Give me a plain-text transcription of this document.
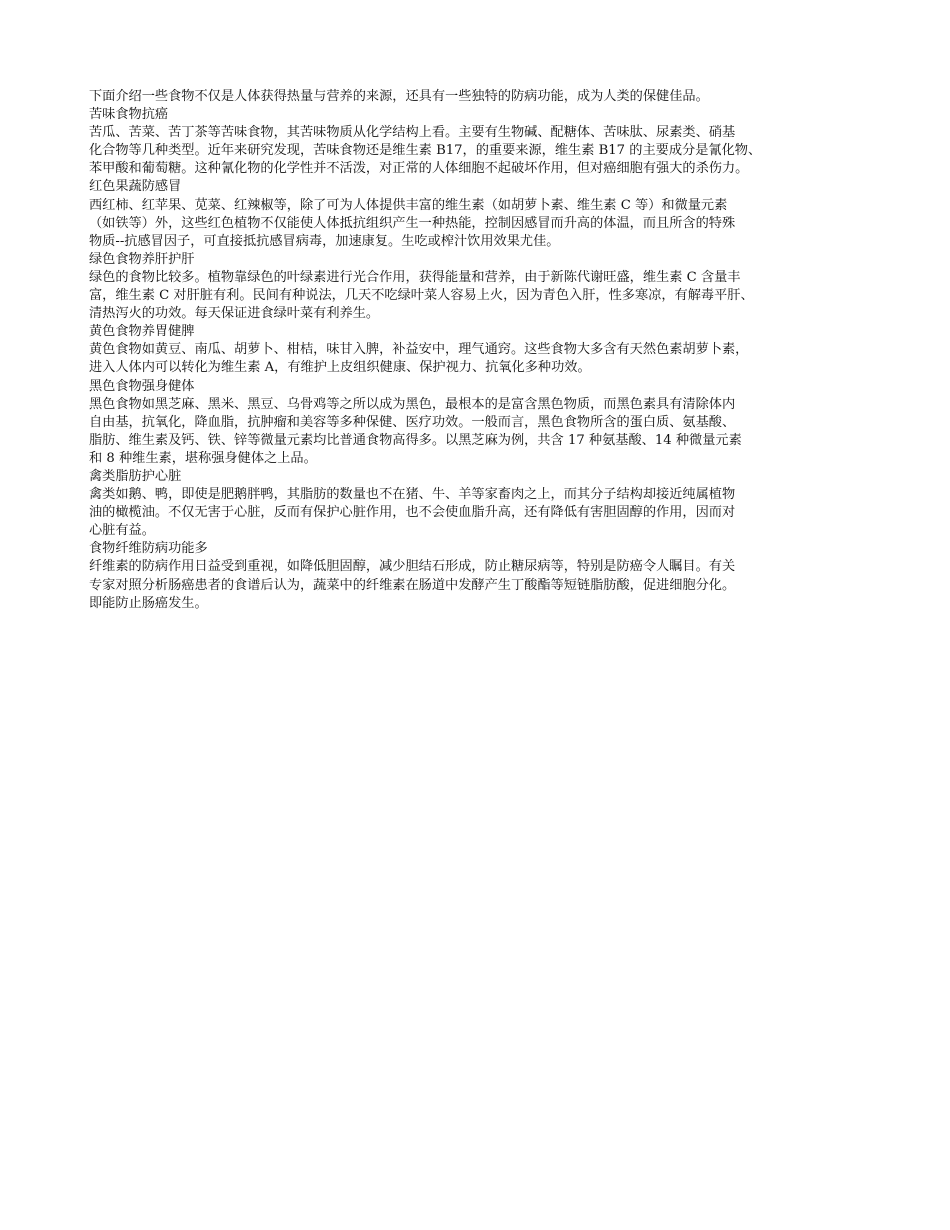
下面介绍一些食物不仅是人体获得热量与营养的来源，还具有一些独特的防病功能，成为人类的保健佳品。

苦味食物抗癌

苦瓜、苦菜、苦丁茶等苦味食物，其苦味物质从化学结构上看。主要有生物碱、配糖体、苦味肽、尿素类、硝基
化合物等几种类型。近年来研究发现，苦味食物还是维生素 B17，的重要来源，维生素 B17 的主要成分是氰化物、
苯甲酸和葡萄糖。这种氰化物的化学性并不活泼，对正常的人体细胞不起破坏作用，但对癌细胞有强大的杀伤力。

红色果蔬防感冒

西红柿、红苹果、苋菜、红辣椒等，除了可为人体提供丰富的维生素（如胡萝卜素、维生素 C 等）和微量元素
（如铁等）外，这些红色植物不仅能使人体抵抗组织产生一种热能，控制因感冒而升高的体温，而且所含的特殊
物质--抗感冒因子，可直接抵抗感冒病毒，加速康复。生吃或榨汁饮用效果尤佳。

绿色食物养肝护肝

绿色的食物比较多。植物靠绿色的叶绿素进行光合作用，获得能量和营养，由于新陈代谢旺盛，维生素 C 含量丰
富，维生素 C 对肝脏有利。民间有种说法，几天不吃绿叶菜人容易上火，因为青色入肝，性多寒凉，有解毒平肝、
清热泻火的功效。每天保证进食绿叶菜有利养生。

黄色食物养胃健脾

黄色食物如黄豆、南瓜、胡萝卜、柑桔，味甘入脾，补益安中，理气通窍。这些食物大多含有天然色素胡萝卜素，
进入人体内可以转化为维生素 A，有维护上皮组织健康、保护视力、抗氧化多种功效。

黑色食物强身健体

黑色食物如黑芝麻、黑米、黑豆、乌骨鸡等之所以成为黑色，最根本的是富含黑色物质，而黑色素具有清除体内
自由基，抗氧化，降血脂，抗肿瘤和美容等多种保健、医疗功效。一般而言，黑色食物所含的蛋白质、氨基酸、
脂肪、维生素及钙、铁、锌等微量元素均比普通食物高得多。以黑芝麻为例，共含 17 种氨基酸、14 种微量元素
和 8 种维生素，堪称强身健体之上品。

禽类脂肪护心脏

禽类如鹅、鸭，即使是肥鹅胖鸭，其脂肪的数量也不在猪、牛、羊等家畜肉之上，而其分子结构却接近纯属植物
油的橄榄油。不仅无害于心脏，反而有保护心脏作用，也不会使血脂升高，还有降低有害胆固醇的作用，因而对
心脏有益。

食物纤维防病功能多

纤维素的防病作用日益受到重视，如降低胆固醇，减少胆结石形成，防止糖尿病等，特别是防癌令人瞩目。有关
专家对照分析肠癌患者的食谱后认为，蔬菜中的纤维素在肠道中发酵产生丁酸酯等短链脂肪酸，促进细胞分化。
即能防止肠癌发生。
